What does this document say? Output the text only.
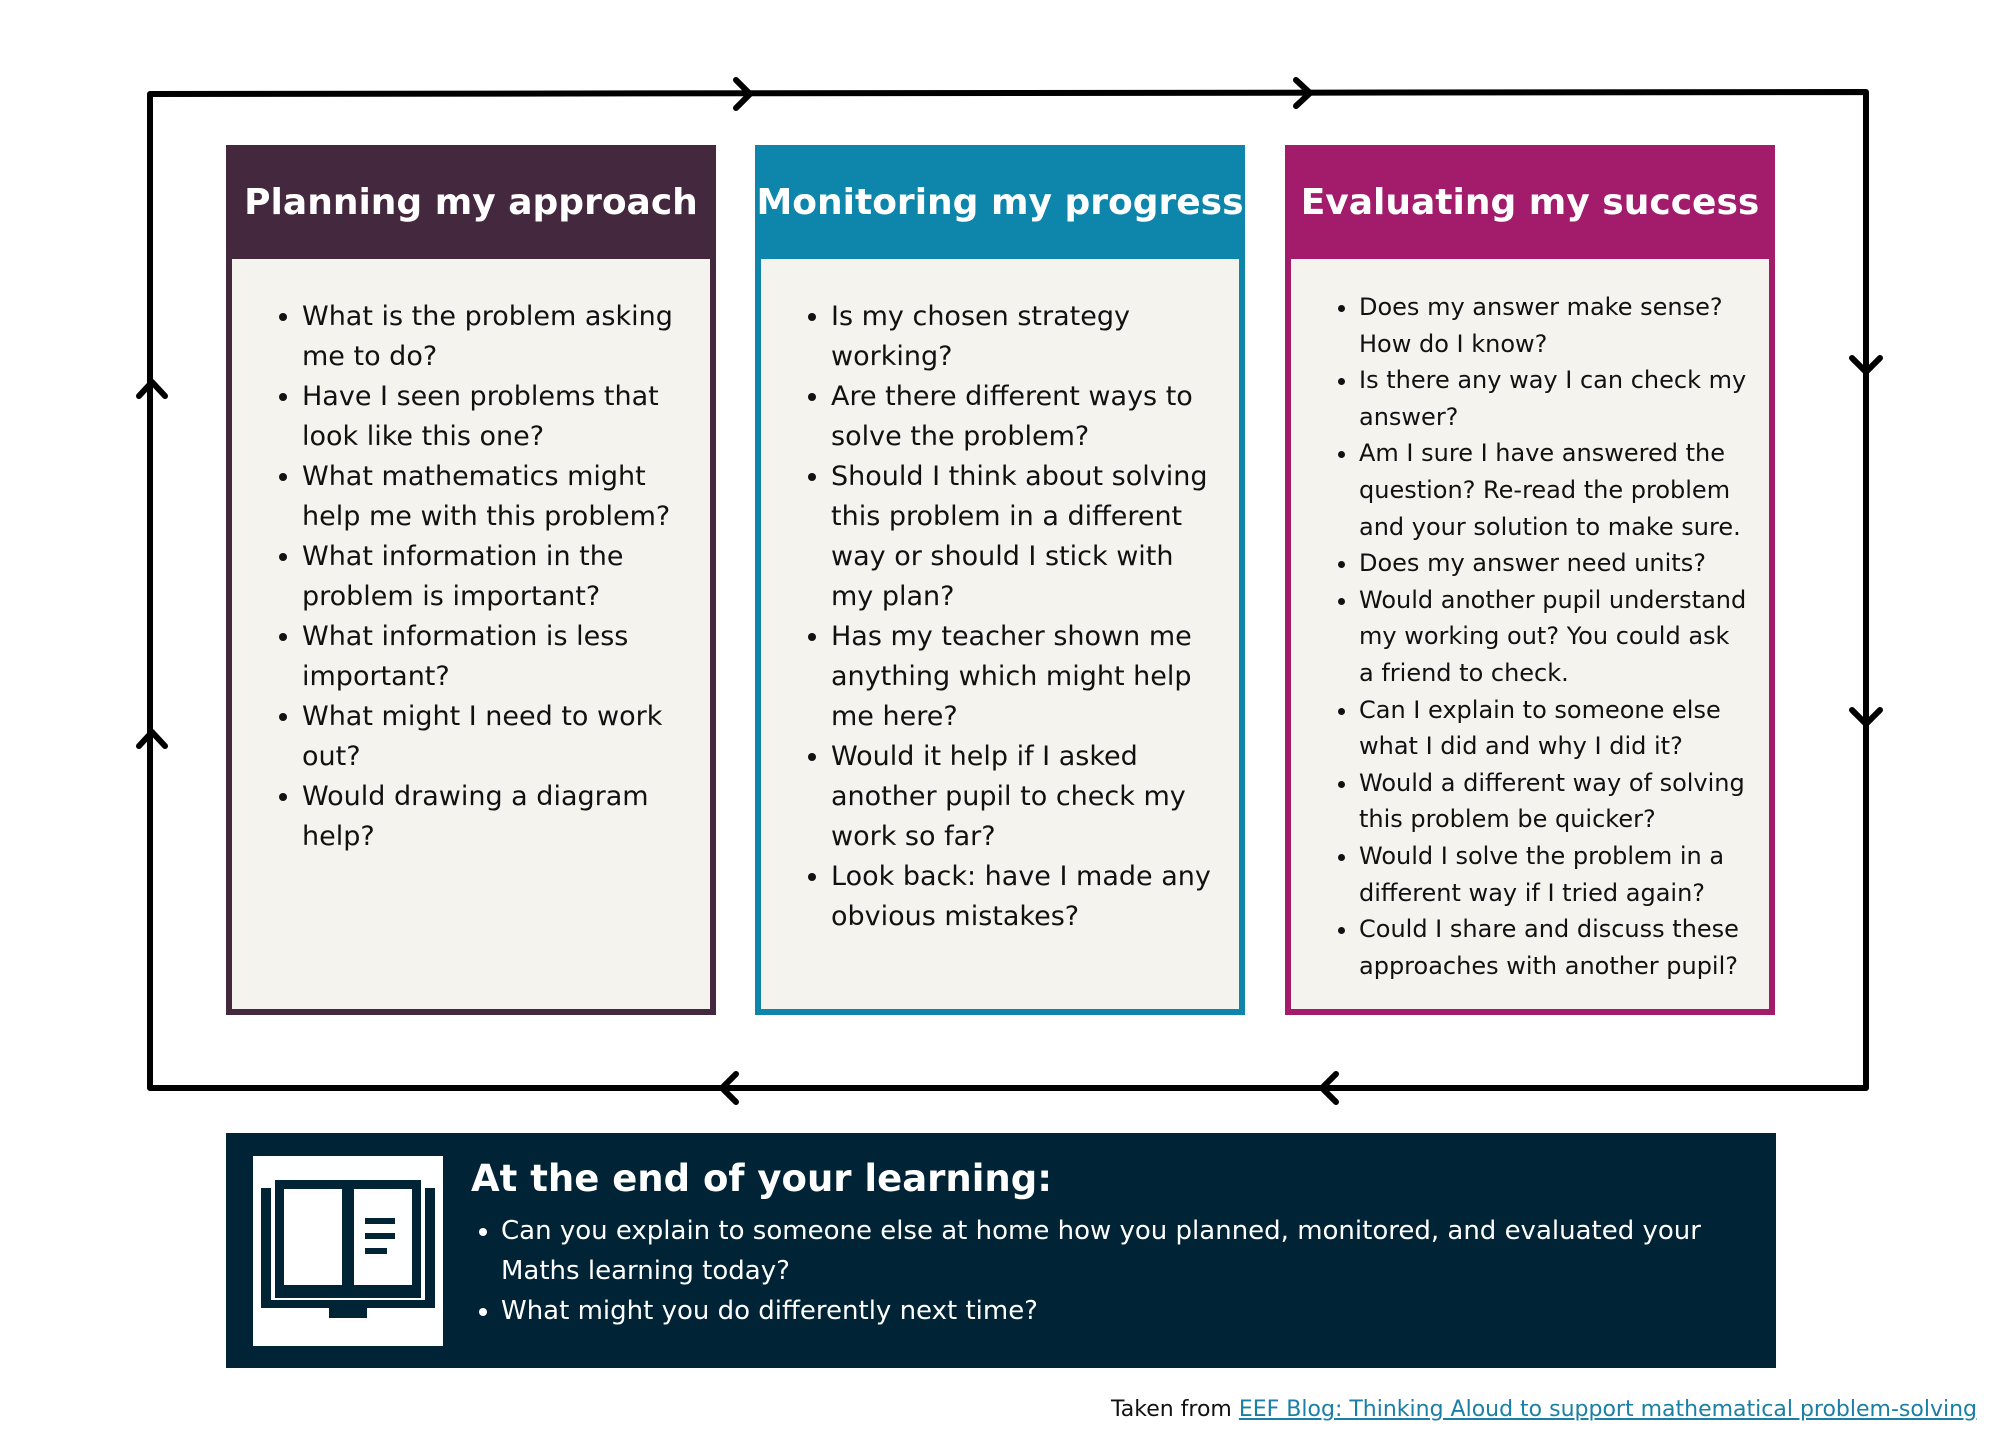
Planning my approach
• What is the problem asking me to do?
• Have I seen problems that look like this one?
• What mathematics might help me with this problem?
• What information in the problem is important?
• What information is less important?
• What might I need to work out?
• Would drawing a diagram help?
Monitoring my progress
• Is my chosen strategy working?
• Are there different ways to solve the problem?
• Should I think about solving this problem in a different way or should I stick with my plan?
• Has my teacher shown me anything which might help me here?
• Would it help if I asked another pupil to check my work so far?
• Look back: have I made any obvious mistakes?
Evaluating my success
• Does my answer make sense? How do I know?
• Is there any way I can check my answer?
• Am I sure I have answered the question? Re-read the problem and your solution to make sure.
• Does my answer need units?
• Would another pupil understand my working out? You could ask a friend to check.
• Can I explain to someone else what I did and why I did it?
• Would a different way of solving this problem be quicker?
• Would I solve the problem in a different way if I tried again?
• Could I share and discuss these approaches with another pupil?
At the end of your learning:
• Can you explain to someone else at home how you planned, monitored, and evaluated your Maths learning today?
• What might you do differently next time?
Taken from EEF Blog: Thinking Aloud to support mathematical problem-solving
